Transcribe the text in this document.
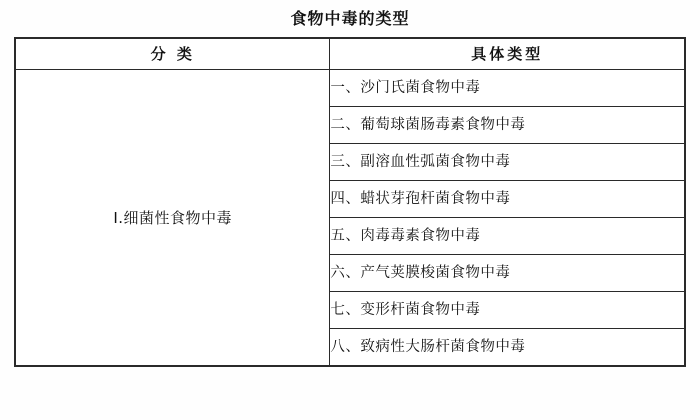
食物中毒的类型
分 类	具体类型
Ⅰ.细菌性食物中毒	一、沙门氏菌食物中毒
	二、葡萄球菌肠毒素食物中毒
	三、副溶血性弧菌食物中毒
	四、蜡状芽孢杆菌食物中毒
	五、肉毒毒素食物中毒
	六、产气荚膜梭菌食物中毒
	七、变形杆菌食物中毒
	八、致病性大肠杆菌食物中毒
